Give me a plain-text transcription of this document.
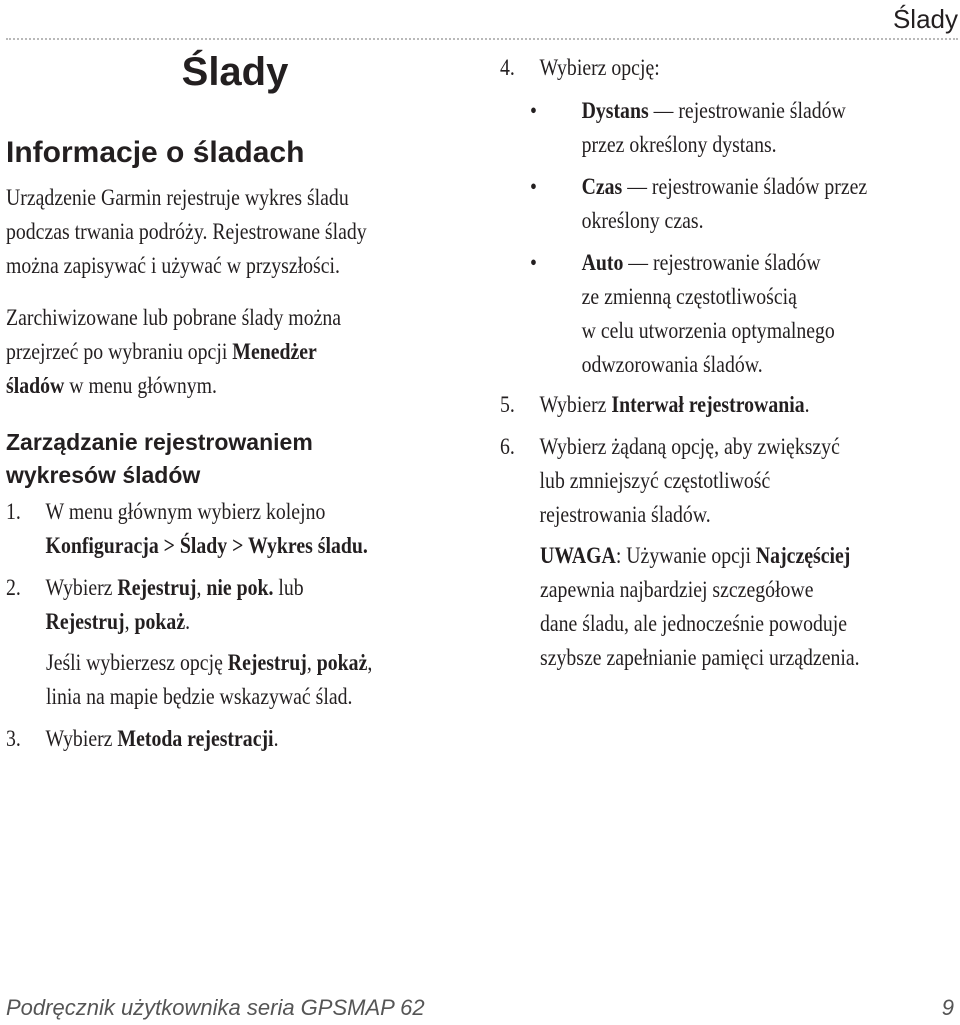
Ślady
Ślady
Informacje o śladach
Urządzenie Garmin rejestruje wykres śladu
podczas trwania podróży. Rejestrowane ślady
można zapisywać i używać w przyszłości.
Zarchiwizowane lub pobrane ślady można
przejrzeć po wybraniu opcji Menedżer
śladów w menu głównym.
Zarządzanie rejestrowaniem
wykresów śladów
1.	W menu głównym wybierz kolejno
Konfiguracja > Ślady > Wykres śladu.
2.	Wybierz Rejestruj, nie pok. lub
Rejestruj, pokaż.
Jeśli wybierzesz opcję Rejestruj, pokaż,
linia na mapie będzie wskazywać ślad.
3.	Wybierz Metoda rejestracji.
4.	Wybierz opcję:
•	Dystans — rejestrowanie śladów
przez określony dystans.
•	Czas — rejestrowanie śladów przez
określony czas.
•	Auto — rejestrowanie śladów
ze zmienną częstotliwością
w celu utworzenia optymalnego
odwzorowania śladów.
5.	Wybierz Interwał rejestrowania.
6.	Wybierz żądaną opcję, aby zwiększyć
lub zmniejszyć częstotliwość
rejestrowania śladów.
UWAGA: Używanie opcji Najczęściej
zapewnia najbardziej szczegółowe
dane śladu, ale jednocześnie powoduje
szybsze zapełnianie pamięci urządzenia.
Podręcznik użytkownika seria GPSMAP 62	9
